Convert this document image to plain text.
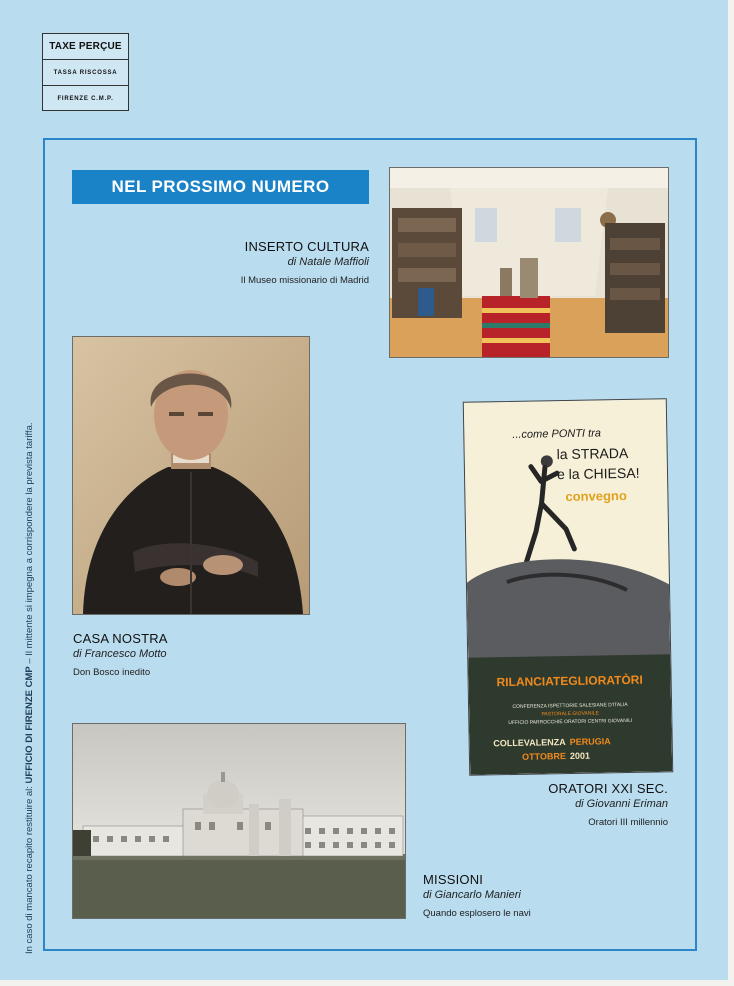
TAXE PERÇUE
TASSA RISCOSSA
FIRENZE C.M.P.
In caso di mancato recapito restituire al: UFFICIO DI FIRENZE CMP – Il mittente si impegna a corrispondere la prevista tariffa.
NEL PROSSIMO NUMERO
INSERTO CULTURA
di Natale Maffioli
Il Museo missionario di Madrid
CASA NOSTRA
di Francesco Motto
Don Bosco inedito
...come PONTI tra
la STRADA
e la CHIESA!
convegno
RILANCIATEGLIORATÒRI
CONFERENZA ISPETTORIE SALESIANE D'ITALIA
PASTORALE GIOVANILE
UFFICIO PARROCCHIE ORATORI CENTRI GIOVANILI
COLLEVALENZA PERUGIA
OTTOBRE 2001
ORATORI XXI SEC.
di Giovanni Eriman
Oratori III millennio
MISSIONI
di Giancarlo Manieri
Quando esplosero le navi
